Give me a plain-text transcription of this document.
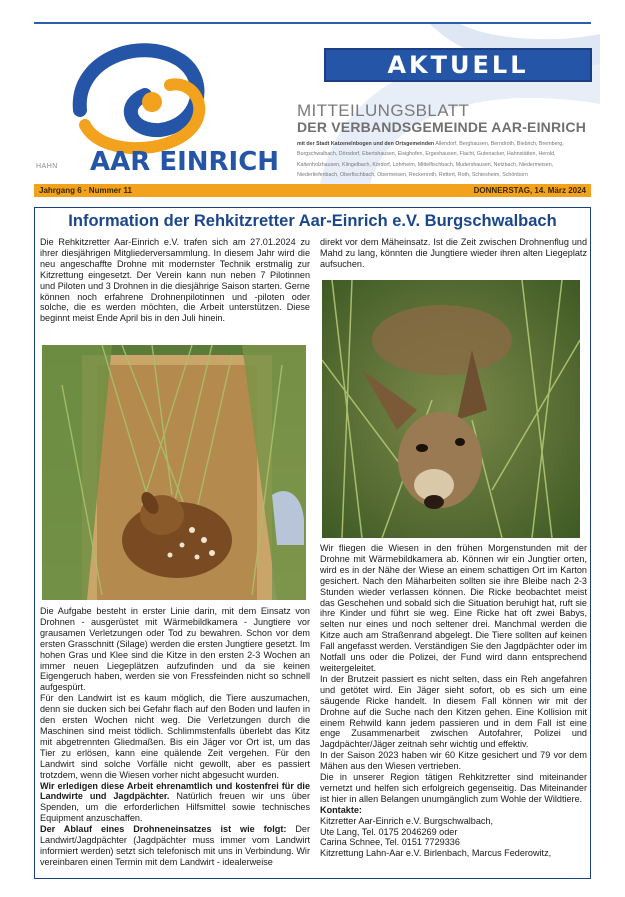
AAR EINRICH
HAHN
AKTUELL
MITTEILUNGSBLATT
DER VERBANDSGEMEINDE AAR-EINRICH
mit der Stadt Katzenelnbogen und den Ortsgemeinden Allendorf, Berghausen, Berndroth, Biebrich, Bremberg, Burgschwalbach, Dörsdorf, Ebertshausen, Eisighofen, Ergeshausen, Flacht, Gutenacker, Hahnstätten, Herold, Kaltenholzhausen, Klingelbach, Kördorf, Lohrheim, Mittelfischbach, Mudershausen, Netzbach, Niedermeisen, Niedertiefenbach, Oberfischbach, Obermeisen, Reckenroth, Rettert, Roth, Schiesheim, Schönborn
Jahrgang 6 · Nummer 11	DONNERSTAG, 14. März 2024
Information der Rehkitzretter Aar-Einrich e.V. Burgschwalbach

Die Rehkitzretter Aar-Einrich e.V. trafen sich am 27.01.2024 zu ihrer diesjährigen Mitgliederversammlung. In diesem Jahr wird die neu angeschaffte Drohne mit modernster Technik erstmalig zur Kitzrettung eingesetzt. Der Verein kann nun neben 7 Pilotinnen und Piloten und 3 Drohnen in die diesjährige Saison starten. Gerne können noch erfahrene Drohnenpilotinnen und -piloten oder solche, die es werden möchten, die Arbeit unterstützen. Diese beginnt meist Ende April bis in den Juli hinein.

Die Aufgabe besteht in erster Linie darin, mit dem Einsatz von Drohnen - ausgerüstet mit Wärmebildkamera - Jungtiere vor grausamen Verletzungen oder Tod zu bewahren. Schon vor dem ersten Grasschnitt (Silage) werden die ersten Jungtiere gesetzt. Im hohen Gras und Klee sind die Kitze in den ersten 2-3 Wochen an immer neuen Liegeplätzen aufzufinden und da sie keinen Eigengeruch haben, werden sie von Fressfeinden nicht so schnell aufgespürt.

Für den Landwirt ist es kaum möglich, die Tiere auszumachen, denn sie ducken sich bei Gefahr flach auf den Boden und laufen in den ersten Wochen nicht weg. Die Verletzungen durch die Maschinen sind meist tödlich. Schlimmstenfalls überlebt das Kitz mit abgetrennten Gliedmaßen. Bis ein Jäger vor Ort ist, um das Tier zu erlösen, kann eine quälende Zeit vergehen. Für den Landwirt sind solche Vorfälle nicht gewollt, aber es passiert trotzdem, wenn die Wiesen vorher nicht abgesucht wurden.

Wir erledigen diese Arbeit ehrenamtlich und kostenfrei für die Landwirte und Jagdpächter. Natürlich freuen wir uns über Spenden, um die erforderlichen Hilfsmittel sowie technisches Equipment anzuschaffen.

Der Ablauf eines Drohneneinsatzes ist wie folgt: Der Landwirt/Jagdpächter (Jagdpächter muss immer vom Landwirt informiert werden) setzt sich telefonisch mit uns in Verbindung. Wir vereinbaren einen Termin mit dem Landwirt - idealerweise

direkt vor dem Mäheinsatz. Ist die Zeit zwischen Drohnenflug und Mahd zu lang, könnten die Jungtiere wieder ihren alten Liegeplatz aufsuchen.

Wir fliegen die Wiesen in den frühen Morgenstunden mit der Drohne mit Wärmebildkamera ab. Können wir ein Jungtier orten, wird es in der Nähe der Wiese an einem schattigen Ort im Karton gesichert. Nach den Mäharbeiten sollten sie ihre Bleibe nach 2-3 Stunden wieder verlassen können. Die Ricke beobachtet meist das Geschehen und sobald sich die Situation beruhigt hat, ruft sie ihre Kinder und führt sie weg. Eine Ricke hat oft zwei Babys, selten nur eines und noch seltener drei. Manchmal werden die Kitze auch am Straßenrand abgelegt. Die Tiere sollten auf keinen Fall angefasst werden. Verständigen Sie den Jagdpächter oder im Notfall uns oder die Polizei, der Fund wird dann entsprechend weitergeleitet.

In der Brutzeit passiert es nicht selten, dass ein Reh angefahren und getötet wird. Ein Jäger sieht sofort, ob es sich um eine säugende Ricke handelt. In diesem Fall können wir mit der Drohne auf die Suche nach den Kitzen gehen. Eine Kollision mit einem Rehwild kann jedem passieren und in dem Fall ist eine enge Zusammenarbeit zwischen Autofahrer, Polizei und Jagdpächter/Jäger zeitnah sehr wichtig und effektiv.

In der Saison 2023 haben wir 60 Kitze gesichert und 79 vor dem Mähen aus den Wiesen vertrieben.

Die in unserer Region tätigen Rehkitzretter sind miteinander vernetzt und helfen sich erfolgreich gegenseitig. Das Miteinander ist hier in allen Belangen unumgänglich zum Wohle der Wildtiere.

Kontakte:

Kitzretter Aar-Einrich e.V. Burgschwalbach,

Ute Lang, Tel. 0175 2046269 oder

Carina Schnee, Tel. 0151 7729336

Kitzrettung Lahn-Aar e.V. Birlenbach, Marcus Federowitz,
